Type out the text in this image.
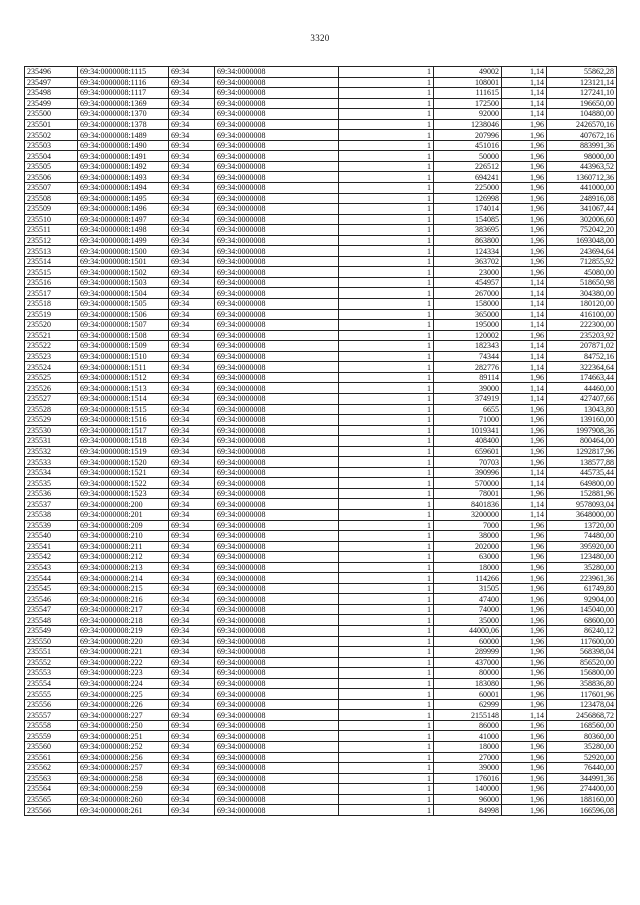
3320
235496	69:34:0000008:1115	69:34	69:34:0000008	1	49002	1,14	55862,28
235497	69:34:0000008:1116	69:34	69:34:0000008	1	108001	1,14	123121,14
235498	69:34:0000008:1117	69:34	69:34:0000008	1	111615	1,14	127241,10
235499	69:34:0000008:1369	69:34	69:34:0000008	1	172500	1,14	196650,00
235500	69:34:0000008:1370	69:34	69:34:0000008	1	92000	1,14	104880,00
235501	69:34:0000008:1378	69:34	69:34:0000008	1	1238046	1,96	2426570,16
235502	69:34:0000008:1489	69:34	69:34:0000008	1	207996	1,96	407672,16
235503	69:34:0000008:1490	69:34	69:34:0000008	1	451016	1,96	883991,36
235504	69:34:0000008:1491	69:34	69:34:0000008	1	50000	1,96	98000,00
235505	69:34:0000008:1492	69:34	69:34:0000008	1	226512	1,96	443963,52
235506	69:34:0000008:1493	69:34	69:34:0000008	1	694241	1,96	1360712,36
235507	69:34:0000008:1494	69:34	69:34:0000008	1	225000	1,96	441000,00
235508	69:34:0000008:1495	69:34	69:34:0000008	1	126998	1,96	248916,08
235509	69:34:0000008:1496	69:34	69:34:0000008	1	174014	1,96	341067,44
235510	69:34:0000008:1497	69:34	69:34:0000008	1	154085	1,96	302006,60
235511	69:34:0000008:1498	69:34	69:34:0000008	1	383695	1,96	752042,20
235512	69:34:0000008:1499	69:34	69:34:0000008	1	863800	1,96	1693048,00
235513	69:34:0000008:1500	69:34	69:34:0000008	1	124334	1,96	243694,64
235514	69:34:0000008:1501	69:34	69:34:0000008	1	363702	1,96	712855,92
235515	69:34:0000008:1502	69:34	69:34:0000008	1	23000	1,96	45080,00
235516	69:34:0000008:1503	69:34	69:34:0000008	1	454957	1,14	518650,98
235517	69:34:0000008:1504	69:34	69:34:0000008	1	267000	1,14	304380,00
235518	69:34:0000008:1505	69:34	69:34:0000008	1	158000	1,14	180120,00
235519	69:34:0000008:1506	69:34	69:34:0000008	1	365000	1,14	416100,00
235520	69:34:0000008:1507	69:34	69:34:0000008	1	195000	1,14	222300,00
235521	69:34:0000008:1508	69:34	69:34:0000008	1	120002	1,96	235203,92
235522	69:34:0000008:1509	69:34	69:34:0000008	1	182343	1,14	207871,02
235523	69:34:0000008:1510	69:34	69:34:0000008	1	74344	1,14	84752,16
235524	69:34:0000008:1511	69:34	69:34:0000008	1	282776	1,14	322364,64
235525	69:34:0000008:1512	69:34	69:34:0000008	1	89114	1,96	174663,44
235526	69:34:0000008:1513	69:34	69:34:0000008	1	39000	1,14	44460,00
235527	69:34:0000008:1514	69:34	69:34:0000008	1	374919	1,14	427407,66
235528	69:34:0000008:1515	69:34	69:34:0000008	1	6655	1,96	13043,80
235529	69:34:0000008:1516	69:34	69:34:0000008	1	71000	1,96	139160,00
235530	69:34:0000008:1517	69:34	69:34:0000008	1	1019341	1,96	1997908,36
235531	69:34:0000008:1518	69:34	69:34:0000008	1	408400	1,96	800464,00
235532	69:34:0000008:1519	69:34	69:34:0000008	1	659601	1,96	1292817,96
235533	69:34:0000008:1520	69:34	69:34:0000008	1	70703	1,96	138577,88
235534	69:34:0000008:1521	69:34	69:34:0000008	1	390996	1,14	445735,44
235535	69:34:0000008:1522	69:34	69:34:0000008	1	570000	1,14	649800,00
235536	69:34:0000008:1523	69:34	69:34:0000008	1	78001	1,96	152881,96
235537	69:34:0000008:200	69:34	69:34:0000008	1	8401836	1,14	9578093,04
235538	69:34:0000008:201	69:34	69:34:0000008	1	3200000	1,14	3648000,00
235539	69:34:0000008:209	69:34	69:34:0000008	1	7000	1,96	13720,00
235540	69:34:0000008:210	69:34	69:34:0000008	1	38000	1,96	74480,00
235541	69:34:0000008:211	69:34	69:34:0000008	1	202000	1,96	395920,00
235542	69:34:0000008:212	69:34	69:34:0000008	1	63000	1,96	123480,00
235543	69:34:0000008:213	69:34	69:34:0000008	1	18000	1,96	35280,00
235544	69:34:0000008:214	69:34	69:34:0000008	1	114266	1,96	223961,36
235545	69:34:0000008:215	69:34	69:34:0000008	1	31505	1,96	61749,80
235546	69:34:0000008:216	69:34	69:34:0000008	1	47400	1,96	92904,00
235547	69:34:0000008:217	69:34	69:34:0000008	1	74000	1,96	145040,00
235548	69:34:0000008:218	69:34	69:34:0000008	1	35000	1,96	68600,00
235549	69:34:0000008:219	69:34	69:34:0000008	1	44000,06	1,96	86240,12
235550	69:34:0000008:220	69:34	69:34:0000008	1	60000	1,96	117600,00
235551	69:34:0000008:221	69:34	69:34:0000008	1	289999	1,96	568398,04
235552	69:34:0000008:222	69:34	69:34:0000008	1	437000	1,96	856520,00
235553	69:34:0000008:223	69:34	69:34:0000008	1	80000	1,96	156800,00
235554	69:34:0000008:224	69:34	69:34:0000008	1	183080	1,96	358836,80
235555	69:34:0000008:225	69:34	69:34:0000008	1	60001	1,96	117601,96
235556	69:34:0000008:226	69:34	69:34:0000008	1	62999	1,96	123478,04
235557	69:34:0000008:227	69:34	69:34:0000008	1	2155148	1,14	2456868,72
235558	69:34:0000008:250	69:34	69:34:0000008	1	86000	1,96	168560,00
235559	69:34:0000008:251	69:34	69:34:0000008	1	41000	1,96	80360,00
235560	69:34:0000008:252	69:34	69:34:0000008	1	18000	1,96	35280,00
235561	69:34:0000008:256	69:34	69:34:0000008	1	27000	1,96	52920,00
235562	69:34:0000008:257	69:34	69:34:0000008	1	39000	1,96	76440,00
235563	69:34:0000008:258	69:34	69:34:0000008	1	176016	1,96	344991,36
235564	69:34:0000008:259	69:34	69:34:0000008	1	140000	1,96	274400,00
235565	69:34:0000008:260	69:34	69:34:0000008	1	96000	1,96	188160,00
235566	69:34:0000008:261	69:34	69:34:0000008	1	84998	1,96	166596,08
